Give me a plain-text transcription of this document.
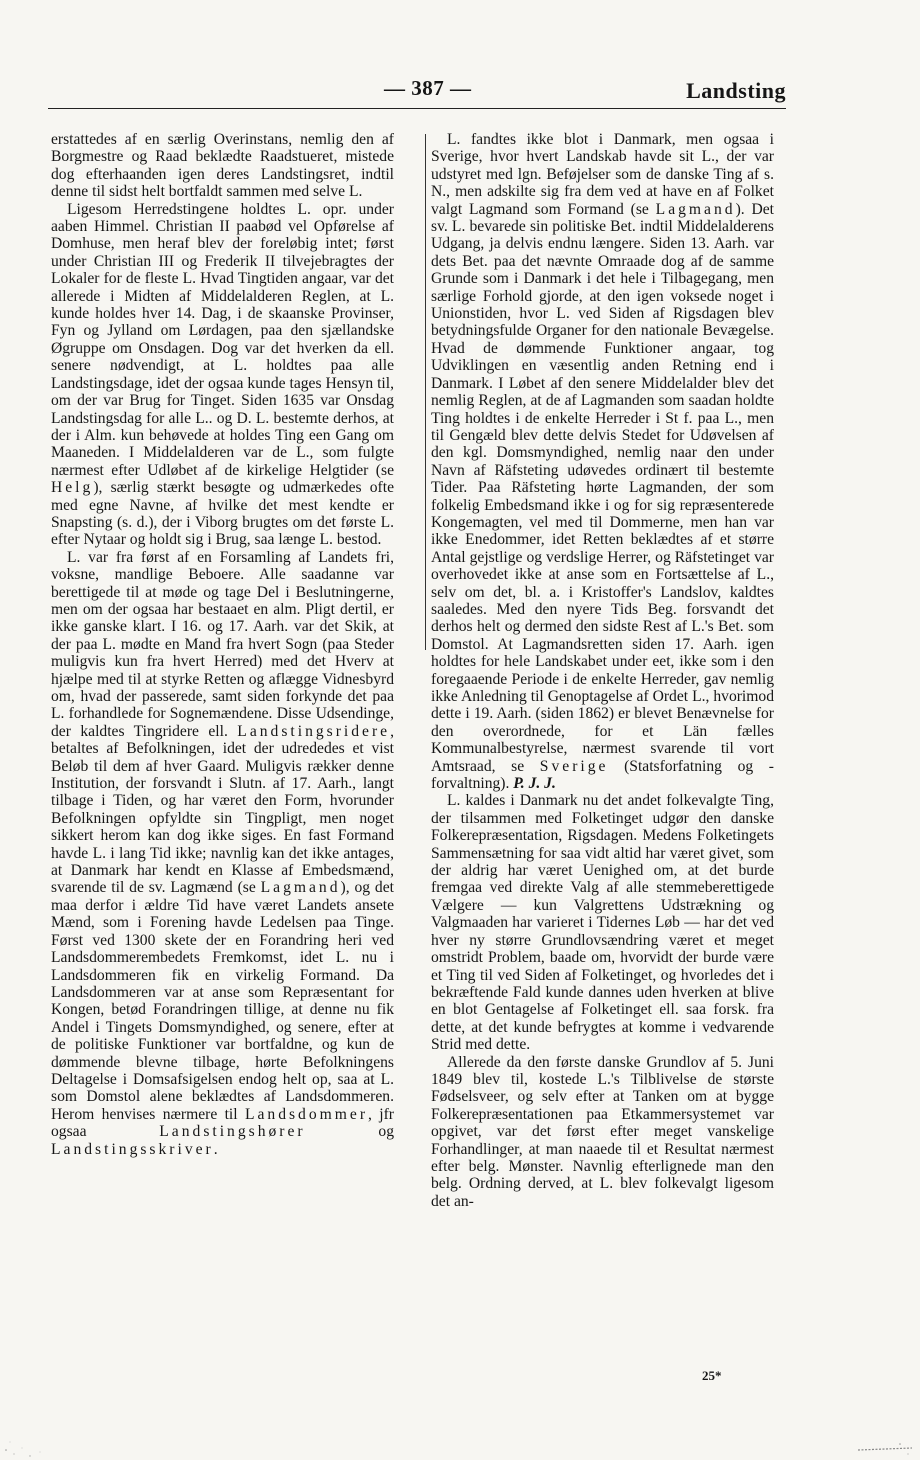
— 387 —	Landsting

erstattedes af en særlig Overinstans, nemlig den af Borgmestre og Raad beklædte Raadstueret, mistede dog efterhaanden igen deres Landstingsret, indtil denne til sidst helt bortfaldt sammen med selve L.

Ligesom Herredstingene holdtes L. opr. under aaben Himmel. Christian II paabød vel Opførelse af Domhuse, men heraf blev der foreløbig intet; først under Christian III og Frederik II tilvejebragtes der Lokaler for de fleste L. Hvad Tingtiden angaar, var det allerede i Midten af Middelalderen Reglen, at L. kunde holdes hver 14. Dag, i de skaanske Provinser, Fyn og Jylland om Lørdagen, paa den sjællandske Øgruppe om Onsdagen. Dog var det hverken da ell. senere nødvendigt, at L. holdtes paa alle Landstingsdage, idet der ogsaa kunde tages Hensyn til, om der var Brug for Tinget. Siden 1635 var Onsdag Landstingsdag for alle L.. og D. L. bestemte derhos, at der i Alm. kun behøvede at holdes Ting een Gang om Maaneden. I Middelalderen var de L., som fulgte nærmest efter Udløbet af de kirkelige Helgtider (se Helg), særlig stærkt besøgte og udmærkedes ofte med egne Navne, af hvilke det mest kendte er Snapsting (s. d.), der i Viborg brugtes om det første L. efter Nytaar og holdt sig i Brug, saa længe L. bestod.

L. var fra først af en Forsamling af Landets fri, voksne, mandlige Beboere. Alle saadanne var berettigede til at møde og tage Del i Beslutningerne, men om der ogsaa har bestaaet en alm. Pligt dertil, er ikke ganske klart. I 16. og 17. Aarh. var det Skik, at der paa L. mødte en Mand fra hvert Sogn (paa Steder muligvis kun fra hvert Herred) med det Hverv at hjælpe med til at styrke Retten og aflægge Vidnesbyrd om, hvad der passerede, samt siden forkynde det paa L. forhandlede for Sognemændene. Disse Udsendinge, der kaldtes Tingridere ell. Landstingsridere, betaltes af Befolkningen, idet der udrededes et vist Beløb til dem af hver Gaard. Muligvis rækker denne Institution, der forsvandt i Slutn. af 17. Aarh., langt tilbage i Tiden, og har været den Form, hvorunder Befolkningen opfyldte sin Tingpligt, men noget sikkert herom kan dog ikke siges. En fast Formand havde L. i lang Tid ikke; navnlig kan det ikke antages, at Danmark har kendt en Klasse af Embedsmænd, svarende til de sv. Lagmænd (se Lagmand), og det maa derfor i ældre Tid have været Landets ansete Mænd, som i Forening havde Ledelsen paa Tinge. Først ved 1300 skete der en Forandring heri ved Landsdommerembedets Fremkomst, idet L. nu i Landsdommeren fik en virkelig Formand. Da Landsdommeren var at anse som Repræsentant for Kongen, betød Forandringen tillige, at denne nu fik Andel i Tingets Domsmyndighed, og senere, efter at de politiske Funktioner var bortfaldne, og kun de dømmende blevne tilbage, hørte Befolkningens Deltagelse i Domsafsigelsen endog helt op, saa at L. som Domstol alene beklædtes af Landsdommeren. Herom henvises nærmere til Landsdommer, jfr ogsaa Landstingshører og Landstingsskriver.

L. fandtes ikke blot i Danmark, men ogsaa i Sverige, hvor hvert Landskab havde sit L., der var udstyret med lgn. Beføjelser som de danske Ting af s. N., men adskilte sig fra dem ved at have en af Folket valgt Lagmand som Formand (se Lagmand). Det sv. L. bevarede sin politiske Bet. indtil Middelalderens Udgang, ja delvis endnu længere. Siden 13. Aarh. var dets Bet. paa det nævnte Omraade dog af de samme Grunde som i Danmark i det hele i Tilbagegang, men særlige Forhold gjorde, at den igen voksede noget i Unionstiden, hvor L. ved Siden af Rigsdagen blev betydningsfulde Organer for den nationale Bevægelse. Hvad de dømmende Funktioner angaar, tog Udviklingen en væsentlig anden Retning end i Danmark. I Løbet af den senere Middelalder blev det nemlig Reglen, at de af Lagmanden som saadan holdte Ting holdtes i de enkelte Herreder i St f. paa L., men til Gengæld blev dette delvis Stedet for Udøvelsen af den kgl. Domsmyndighed, nemlig naar den under Navn af Räfsteting udøvedes ordinært til bestemte Tider. Paa Räfsteting hørte Lagmanden, der som folkelig Embedsmand ikke i og for sig repræsenterede Kongemagten, vel med til Dommerne, men han var ikke Enedommer, idet Retten beklædtes af et større Antal gejstlige og verdslige Herrer, og Räfstetinget var overhovedet ikke at anse som en Fortsættelse af L., selv om det, bl. a. i Kristoffer's Landslov, kaldtes saaledes. Med den nyere Tids Beg. forsvandt det derhos helt og dermed den sidste Rest af L.'s Bet. som Domstol. At Lagmandsretten siden 17. Aarh. igen holdtes for hele Landskabet under eet, ikke som i den foregaaende Periode i de enkelte Herreder, gav nemlig ikke Anledning til Genoptagelse af Ordet L., hvorimod dette i 19. Aarh. (siden 1862) er blevet Benævnelse for den overordnede, for et Län fælles Kommunalbestyrelse, nærmest svarende til vort Amtsraad, se Sverige (Statsforfatning og -forvaltning). P. J. J.

L. kaldes i Danmark nu det andet folkevalgte Ting, der tilsammen med Folketinget udgør den danske Folkerepræsentation, Rigsdagen. Medens Folketingets Sammensætning for saa vidt altid har været givet, som der aldrig har været Uenighed om, at det burde fremgaa ved direkte Valg af alle stemmeberettigede Vælgere — kun Valgrettens Udstrækning og Valgmaaden har varieret i Tidernes Løb — har det ved hver ny større Grundlovsændring været et meget omstridt Problem, baade om, hvorvidt der burde være et Ting til ved Siden af Folketinget, og hvorledes det i bekræftende Fald kunde dannes uden hverken at blive en blot Gentagelse af Folketinget ell. saa forsk. fra dette, at det kunde befrygtes at komme i vedvarende Strid med dette.

Allerede da den første danske Grundlov af 5. Juni 1849 blev til, kostede L.'s Tilblivelse de største Fødselsveer, og selv efter at Tanken om at bygge Folkerepræsentationen paa Etkammersystemet var opgivet, var det først efter meget vanskelige Forhandlinger, at man naaede til et Resultat nærmest efter belg. Mønster. Navnlig efterlignede man den belg. Ordning derved, at L. blev folkevalgt ligesom det an-

25*
